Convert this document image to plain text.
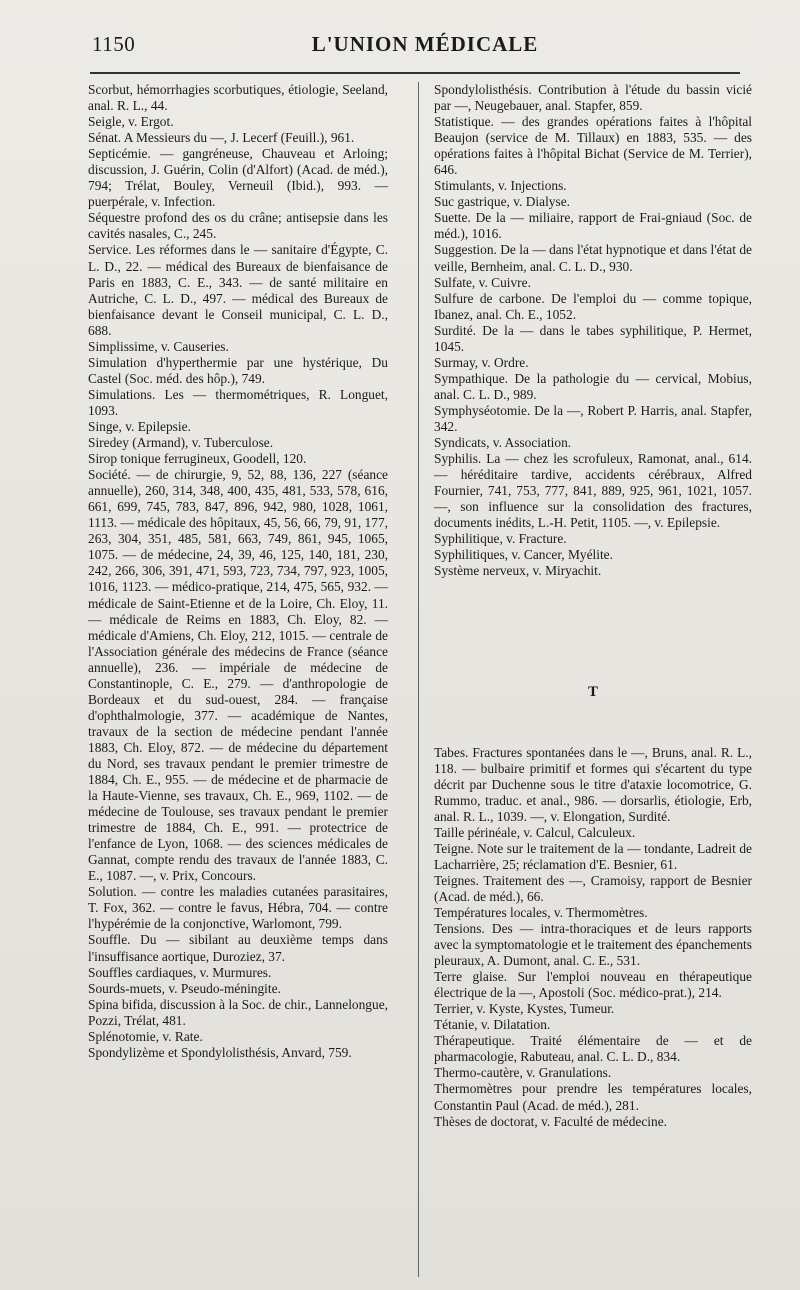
1150	L'UNION MÉDICALE

Scorbut, hémorrhagies scorbutiques, étiologie, Seeland, anal. R. L., 44.

Seigle, v. Ergot.

Sénat. A Messieurs du —, J. Lecerf (Feuill.), 961.

Septicémie. — gangréneuse, Chauveau et Arloing; discussion, J. Guérin, Colin (d'Alfort) (Acad. de méd.), 794; Trélat, Bouley, Verneuil (Ibid.), 993. — puerpérale, v. Infection.

Séquestre profond des os du crâne; antisepsie dans les cavités nasales, C., 245.

Service. Les réformes dans le — sanitaire d'Égypte, C. L. D., 22. — médical des Bureaux de bienfaisance de Paris en 1883, C. E., 343. — de santé militaire en Autriche, C. L. D., 497. — médical des Bureaux de bienfaisance devant le Conseil municipal, C. L. D., 688.

Simplissime, v. Causeries.

Simulation d'hyperthermie par une hystérique, Du Castel (Soc. méd. des hôp.), 749.

Simulations. Les — thermométriques, R. Longuet, 1093.

Singe, v. Epilepsie.

Siredey (Armand), v. Tuberculose.

Sirop tonique ferrugineux, Goodell, 120.

Société. — de chirurgie, 9, 52, 88, 136, 227 (séance annuelle), 260, 314, 348, 400, 435, 481, 533, 578, 616, 661, 699, 745, 783, 847, 896, 942, 980, 1028, 1061, 1113. — médicale des hôpitaux, 45, 56, 66, 79, 91, 177, 263, 304, 351, 485, 581, 663, 749, 861, 945, 1065, 1075. — de médecine, 24, 39, 46, 125, 140, 181, 230, 242, 266, 306, 391, 471, 593, 723, 734, 797, 923, 1005, 1016, 1123. — médico-pratique, 214, 475, 565, 932. — médicale de Saint-Etienne et de la Loire, Ch. Eloy, 11. — médicale de Reims en 1883, Ch. Eloy, 82. — médicale d'Amiens, Ch. Eloy, 212, 1015. — centrale de l'Association générale des médecins de France (séance annuelle), 236. — impériale de médecine de Constantinople, C. E., 279. — d'anthropologie de Bordeaux et du sud-ouest, 284. — française d'ophthalmologie, 377. — académique de Nantes, travaux de la section de médecine pendant l'année 1883, Ch. Eloy, 872. — de médecine du département du Nord, ses travaux pendant le premier trimestre de 1884, Ch. E., 955. — de médecine et de pharmacie de la Haute-Vienne, ses travaux, Ch. E., 969, 1102. — de médecine de Toulouse, ses travaux pendant le premier trimestre de 1884, Ch. E., 991. — protectrice de l'enfance de Lyon, 1068. — des sciences médicales de Gannat, compte rendu des travaux de l'année 1883, C. E., 1087. —, v. Prix, Concours.

Solution. — contre les maladies cutanées parasitaires, T. Fox, 362. — contre le favus, Hébra, 704. — contre l'hypérémie de la conjonctive, Warlomont, 799.

Souffle. Du — sibilant au deuxième temps dans l'insuffisance aortique, Duroziez, 37.

Souffles cardiaques, v. Murmures.

Sourds-muets, v. Pseudo-méningite.

Spina bifida, discussion à la Soc. de chir., Lannelongue, Pozzi, Trélat, 481.

Splénotomie, v. Rate.

Spondylizème et Spondylolisthésis, Anvard, 759.

Spondylolisthésis. Contribution à l'étude du bassin vicié par —, Neugebauer, anal. Stapfer, 859.

Statistique. — des grandes opérations faites à l'hôpital Beaujon (service de M. Tillaux) en 1883, 535. — des opérations faites à l'hôpital Bichat (Service de M. Terrier), 646.

Stimulants, v. Injections.

Suc gastrique, v. Dialyse.

Suette. De la — miliaire, rapport de Frai-gniaud (Soc. de méd.), 1016.

Suggestion. De la — dans l'état hypnotique et dans l'état de veille, Bernheim, anal. C. L. D., 930.

Sulfate, v. Cuivre.

Sulfure de carbone. De l'emploi du — comme topique, Ibanez, anal. Ch. E., 1052.

Surdité. De la — dans le tabes syphilitique, P. Hermet, 1045.

Surmay, v. Ordre.

Sympathique. De la pathologie du — cervical, Mobius, anal. C. L. D., 989.

Symphyséotomie. De la —, Robert P. Harris, anal. Stapfer, 342.

Syndicats, v. Association.

Syphilis. La — chez les scrofuleux, Ramonat, anal., 614. — héréditaire tardive, accidents cérébraux, Alfred Fournier, 741, 753, 777, 841, 889, 925, 961, 1021, 1057. —, son influence sur la consolidation des fractures, documents inédits, L.-H. Petit, 1105. —, v. Epilepsie.

Syphilitique, v. Fracture.

Syphilitiques, v. Cancer, Myélite.

Système nerveux, v. Miryachit.

T

Tabes. Fractures spontanées dans le —, Bruns, anal. R. L., 118. — bulbaire primitif et formes qui s'écartent du type décrit par Duchenne sous le titre d'ataxie locomotrice, G. Rummo, traduc. et anal., 986. — dorsarlis, étiologie, Erb, anal. R. L., 1039. —, v. Elongation, Surdité.

Taille périnéale, v. Calcul, Calculeux.

Teigne. Note sur le traitement de la — tondante, Ladreit de Lacharrière, 25; réclamation d'E. Besnier, 61.

Teignes. Traitement des —, Cramoisy, rapport de Besnier (Acad. de méd.), 66.

Températures locales, v. Thermomètres.

Tensions. Des — intra-thoraciques et de leurs rapports avec la symptomatologie et le traitement des épanchements pleuraux, A. Dumont, anal. C. E., 531.

Terre glaise. Sur l'emploi nouveau en thérapeutique électrique de la —, Apostoli (Soc. médico-prat.), 214.

Terrier, v. Kyste, Kystes, Tumeur.

Tétanie, v. Dilatation.

Thérapeutique. Traité élémentaire de — et de pharmacologie, Rabuteau, anal. C. L. D., 834.

Thermo-cautère, v. Granulations.

Thermomètres pour prendre les températures locales, Constantin Paul (Acad. de méd.), 281.

Thèses de doctorat, v. Faculté de médecine.
